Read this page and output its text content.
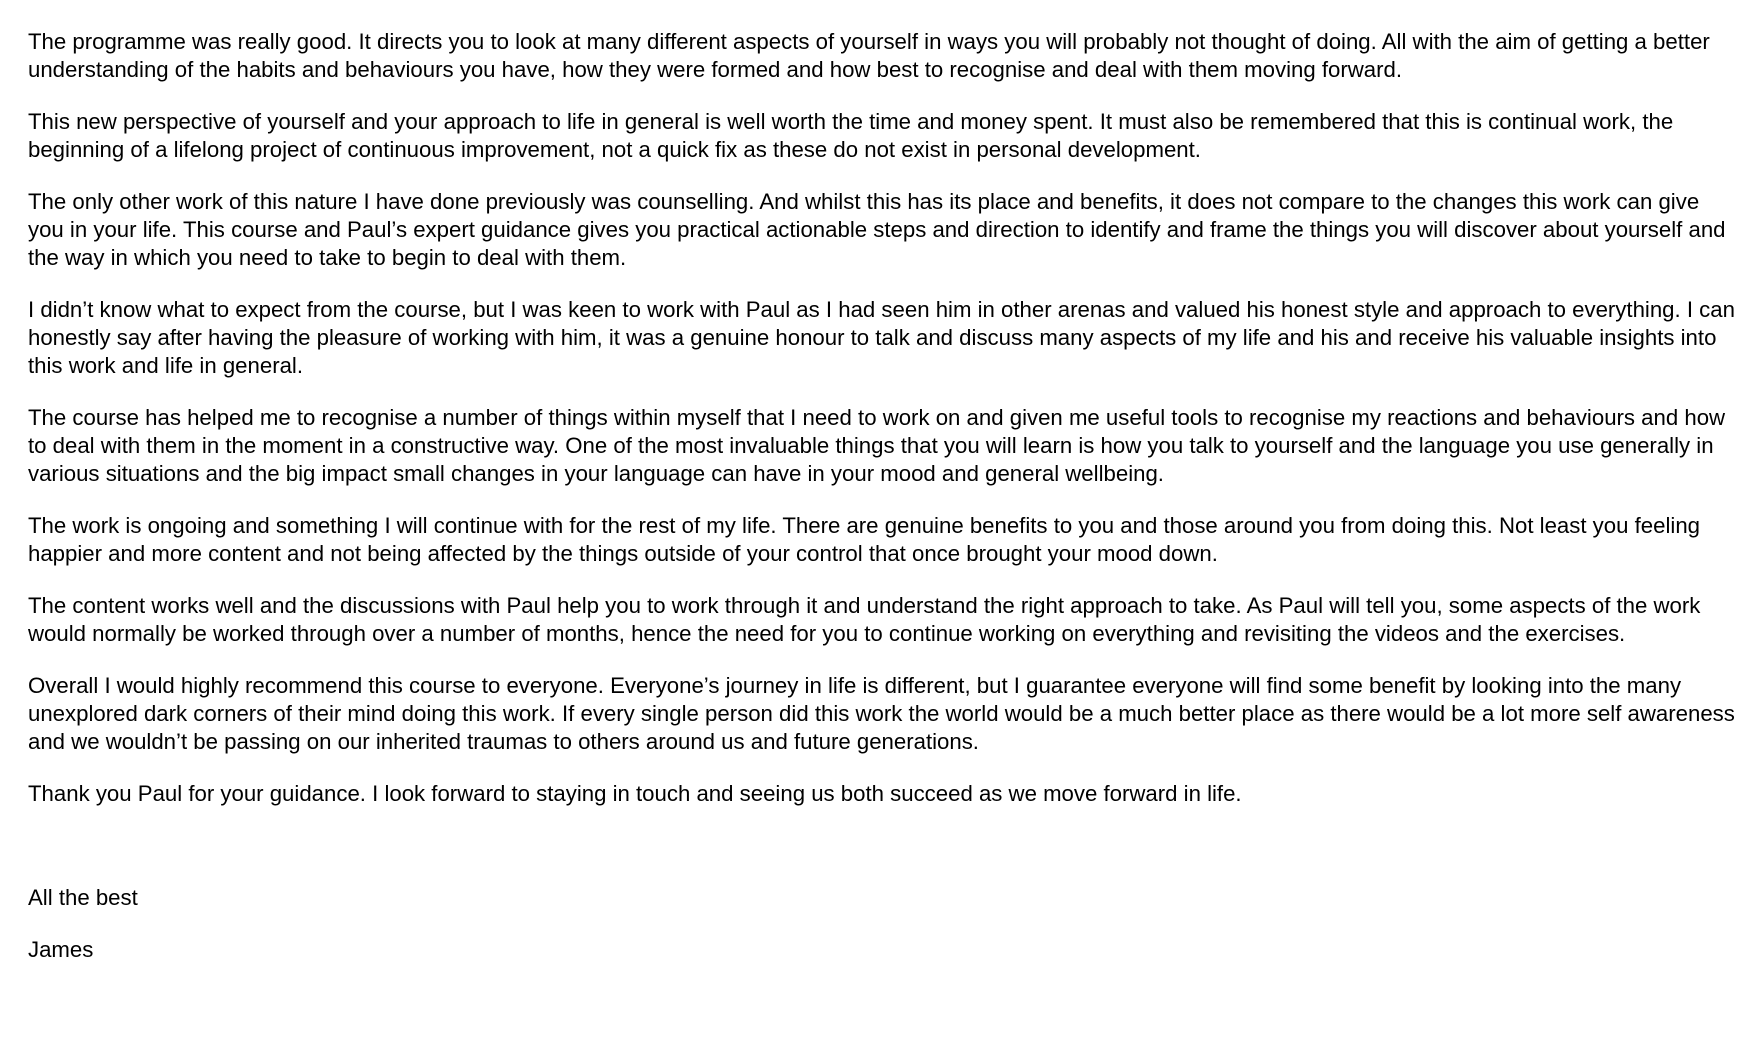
The programme was really good. It directs you to look at many different aspects of yourself in ways you will probably not thought of doing. All with the aim of getting a better understanding of the habits and behaviours you have, how they were formed and how best to recognise and deal with them moving forward.

This new perspective of yourself and your approach to life in general is well worth the time and money spent. It must also be remembered that this is continual work, the beginning of a lifelong project of continuous improvement, not a quick fix as these do not exist in personal development.

The only other work of this nature I have done previously was counselling. And whilst this has its place and benefits, it does not compare to the changes this work can give you in your life. This course and Paul’s expert guidance gives you practical actionable steps and direction to identify and frame the things you will discover about yourself and the way in which you need to take to begin to deal with them.

I didn’t know what to expect from the course, but I was keen to work with Paul as I had seen him in other arenas and valued his honest style and approach to everything. I can honestly say after having the pleasure of working with him, it was a genuine honour to talk and discuss many aspects of my life and his and receive his valuable insights into this work and life in general.

The course has helped me to recognise a number of things within myself that I need to work on and given me useful tools to recognise my reactions and behaviours and how to deal with them in the moment in a constructive way. One of the most invaluable things that you will learn is how you talk to yourself and the language you use generally in various situations and the big impact small changes in your language can have in your mood and general wellbeing.

The work is ongoing and something I will continue with for the rest of my life. There are genuine benefits to you and those around you from doing this. Not least you feeling happier and more content and not being affected by the things outside of your control that once brought your mood down.

The content works well and the discussions with Paul help you to work through it and understand the right approach to take. As Paul will tell you, some aspects of the work would normally be worked through over a number of months, hence the need for you to continue working on everything and revisiting the videos and the exercises.

Overall I would highly recommend this course to everyone. Everyone’s journey in life is different, but I guarantee everyone will find some benefit by looking into the many unexplored dark corners of their mind doing this work. If every single person did this work the world would be a much better place as there would be a lot more self awareness and we wouldn’t be passing on our inherited traumas to others around us and future generations.

Thank you Paul for your guidance. I look forward to staying in touch and seeing us both succeed as we move forward in life.

All the best

James
